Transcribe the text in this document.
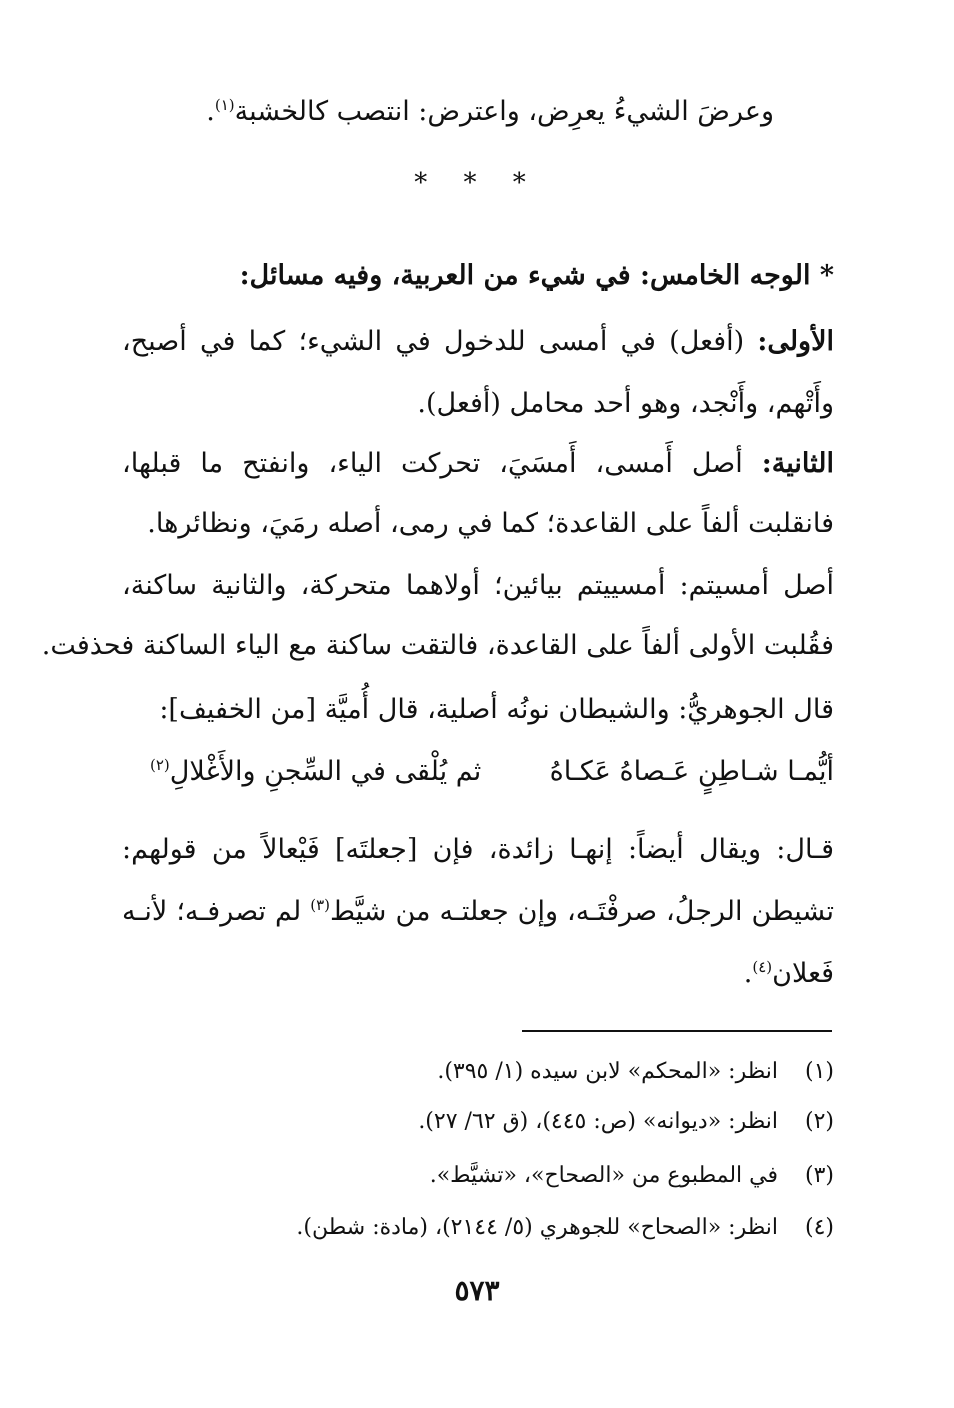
وعرضَ الشيءُ يعرِض، واعترض: انتصب كالخشبة$^{(١)}$.
* * *
* الوجه الخامس: في شيء من العربية، وفيه مسائل:
الأولى: (أفعل) في أمسى للدخول في الشيء؛ كما في أصبح،
وأَتْهم، وأَنْجد، وهو أحد محامل (أفعل).
الثانية: أصل أَمسى، أَمسَيَ، تحركت الياء، وانفتح ما قبلها،
فانقلبت ألفاً على القاعدة؛ كما في رمى، أصله رمَيَ، ونظائرها.
أصل أمسيتم: أمسييتم بيائين؛ أولاهما متحركة، والثانية ساكنة،
فقُلبت الأولى ألفاً على القاعدة، فالتقت ساكنة مع الياء الساكنة فحذفت.
قال الجوهريُّ: والشيطان نونُه أصلية، قال أُميَّة [من الخفيف]:
أيُّمـا شـاطِنٍ عَـصاهُ عَكـاهُ
ثم يُلْقى في السِّجنِ والأَغْلالِ$^{(٢)}$
قـال: ويقال أيضاً: إنهـا زائدة، فإن [جعلتَه] فَيْعالاً من قولهم:
تشيطن الرجلُ، صرفْتَـه، وإن جعلتـه من شيَّط$^{(٣)}$ لم تصرفـه؛ لأنـه
فَعلان$^{(٤)}$.
(١)انظر: «المحكم» لابن سيده (١/ ٣٩٥).
(٢)انظر: «ديوانه» (ص: ٤٤٥)، (ق ٦٢/ ٢٧).
(٣)في المطبوع من «الصحاح»، «تشيَّط».
(٤)انظر: «الصحاح» للجوهري (٥/ ٢١٤٤)، (مادة: شطن).
٥٧٣
